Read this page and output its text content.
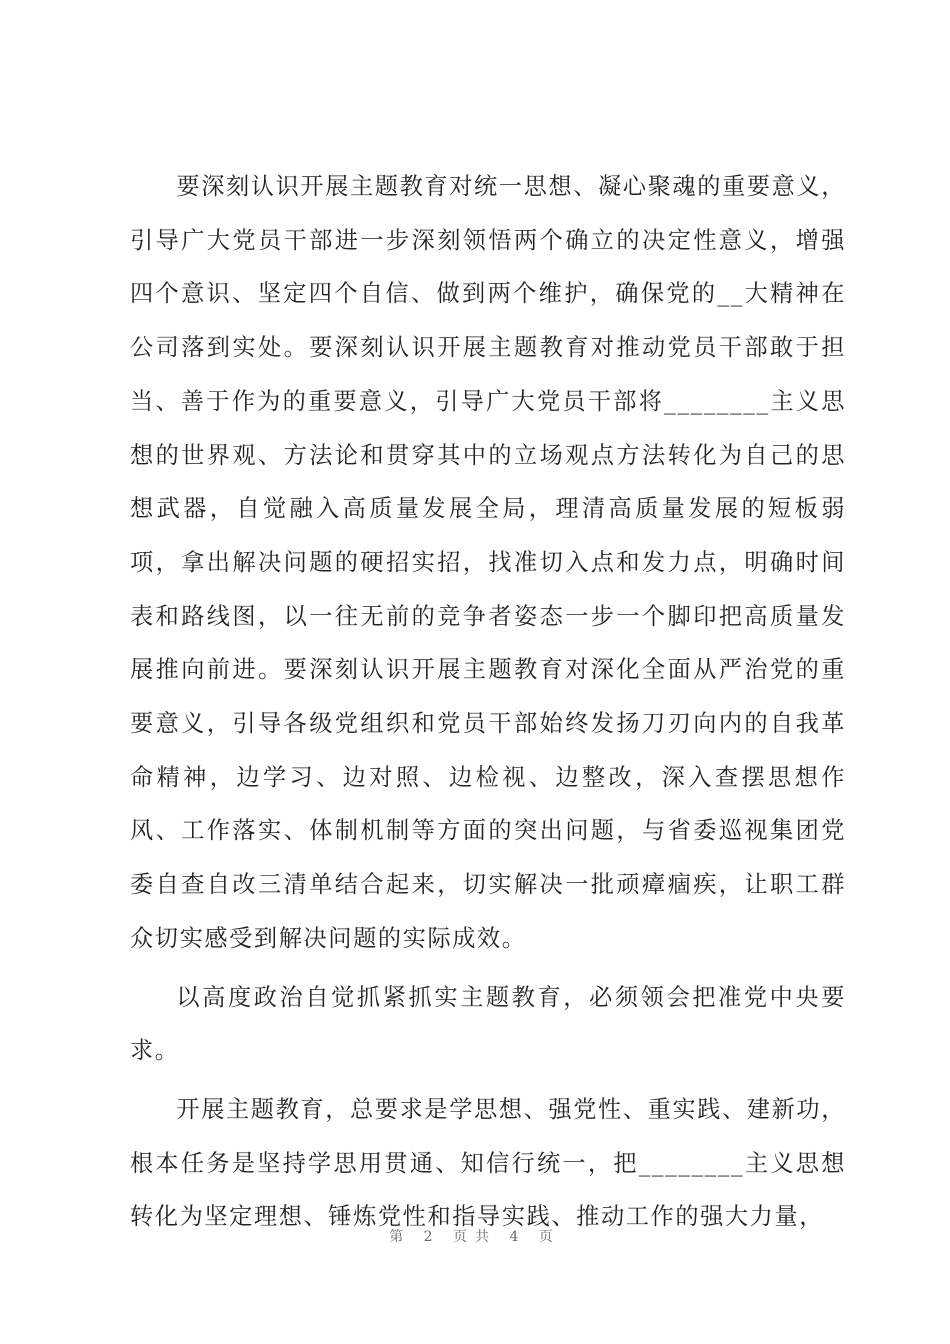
要深刻认识开展主题教育对统一思想、凝心聚魂的重要意义，引导广大党员干部进一步深刻领悟两个确立的决定性意义，增强四个意识、坚定四个自信、做到两个维护，确保党的__大精神在公司落到实处。要深刻认识开展主题教育对推动党员干部敢于担当、善于作为的重要意义，引导广大党员干部将________主义思想的世界观、方法论和贯穿其中的立场观点方法转化为自己的思想武器，自觉融入高质量发展全局，理清高质量发展的短板弱项，拿出解决问题的硬招实招，找准切入点和发力点，明确时间表和路线图，以一往无前的竞争者姿态一步一个脚印把高质量发展推向前进。要深刻认识开展主题教育对深化全面从严治党的重要意义，引导各级党组织和党员干部始终发扬刀刃向内的自我革命精神，边学习、边对照、边检视、边整改，深入查摆思想作风、工作落实、体制机制等方面的突出问题，与省委巡视集团党委自查自改三清单结合起来，切实解决一批顽瘴痼疾，让职工群众切实感受到解决问题的实际成效。

以高度政治自觉抓紧抓实主题教育，必须领会把准党中央要求。

开展主题教育，总要求是学思想、强党性、重实践、建新功，根本任务是坚持学思用贯通、知信行统一，把________主义思想转化为坚定理想、锤炼党性和指导实践、推动工作的强大力量，

第 2 页共 4 页
